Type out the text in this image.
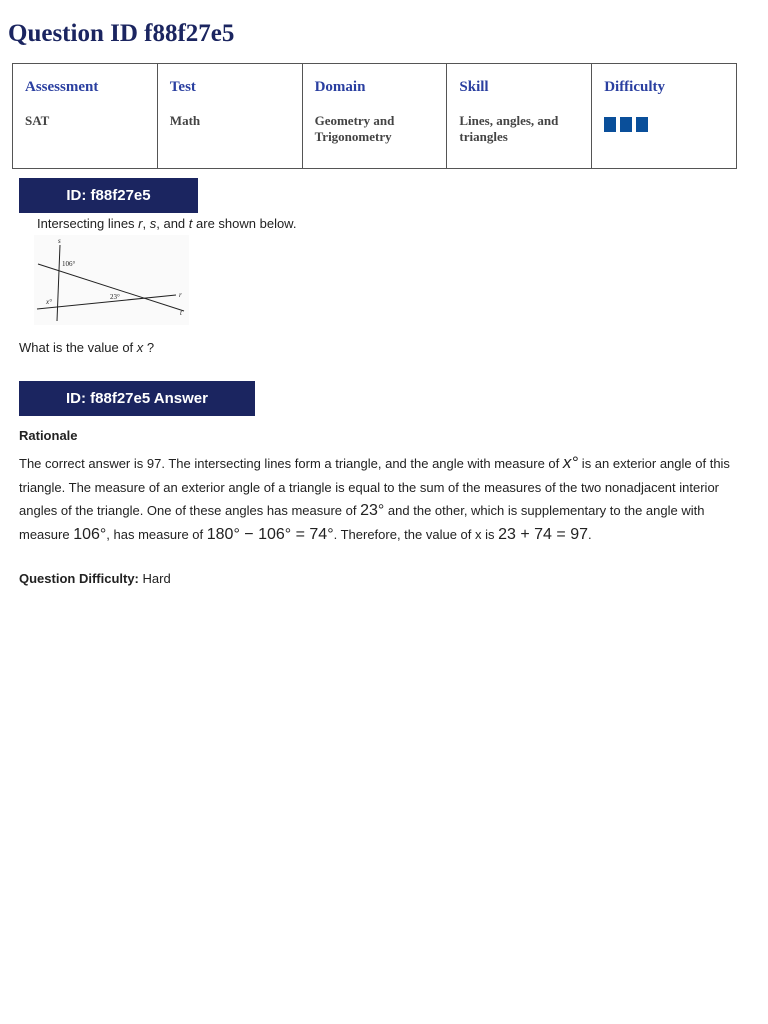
Question ID f88f27e5
Assessment	Test	Domain	Skill	Difficulty
SAT	Math	Geometry and Trigonometry	Lines, angles, and triangles	
ID: f88f27e5

Intersecting lines r, s, and t are shown below.

s
r
t
106°
23°
x°

What is the value of x ?

ID: f88f27e5 Answer

Rationale

The correct answer is 97. The intersecting lines form a triangle, and the angle with measure of x° is an exterior angle of this triangle. The measure of an exterior angle of a triangle is equal to the sum of the measures of the two nonadjacent interior angles of the triangle. One of these angles has measure of 23° and the other, which is supplementary to the angle with measure 106°, has measure of 180° − 106° = 74°. Therefore, the value of x is 23 + 74 = 97.

Question Difficulty: Hard
